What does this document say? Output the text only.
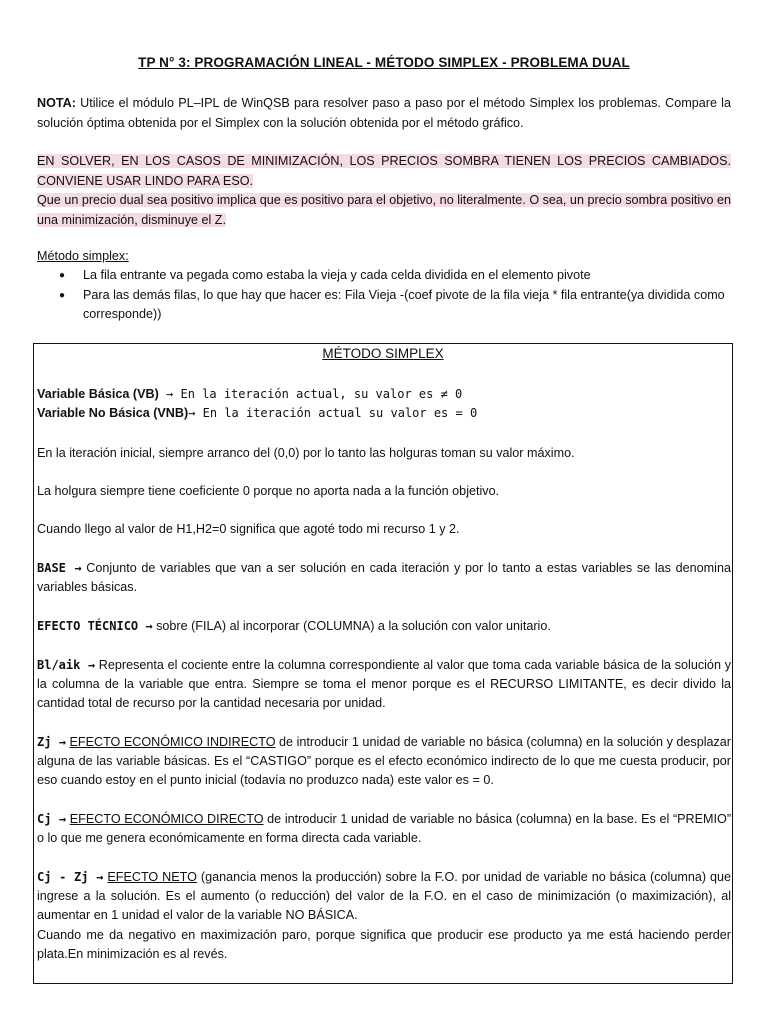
TP N° 3: PROGRAMACIÓN LINEAL - MÉTODO SIMPLEX - PROBLEMA DUAL
NOTA: Utilice el módulo PL–IPL de WinQSB para resolver paso a paso por el método Simplex los problemas. Compare la solución óptima obtenida por el Simplex con la solución obtenida por el método gráfico.
EN SOLVER, EN LOS CASOS DE MINIMIZACIÓN, LOS PRECIOS SOMBRA TIENEN LOS PRECIOS CAMBIADOS. CONVIENE USAR LINDO PARA ESO.
Que un precio dual sea positivo implica que es positivo para el objetivo, no literalmente. O sea, un precio sombra positivo en una minimización, disminuye el Z.
Método simplex:
● La fila entrante va pegada como estaba la vieja y cada celda dividida en el elemento pivote
● Para las demás filas, lo que hay que hacer es: Fila Vieja -(coef pivote de la fila vieja * fila entrante(ya dividida como corresponde))
MÉTODO SIMPLEX
Variable Básica (VB) → En la iteración actual, su valor es ≠ 0
Variable No Básica (VNB)→ En la iteración actual su valor es = 0
En la iteración inicial, siempre arranco del (0,0) por lo tanto las holguras toman su valor máximo.
La holgura siempre tiene coeficiente 0 porque no aporta nada a la función objetivo.
Cuando llego al valor de H1,H2=0 significa que agoté todo mi recurso 1 y 2.
BASE → Conjunto de variables que van a ser solución en cada iteración y por lo tanto a estas variables se las denomina variables básicas.
EFECTO TÉCNICO → sobre (FILA) al incorporar (COLUMNA) a la solución con valor unitario.
Bl/aik → Representa el cociente entre la columna correspondiente al valor que toma cada variable básica de la solución y la columna de la variable que entra. Siempre se toma el menor porque es el RECURSO LIMITANTE, es decir divido la cantidad total de recurso por la cantidad necesaria por unidad.
Zj → EFECTO ECONÓMICO INDIRECTO de introducir 1 unidad de variable no básica (columna) en la solución y desplazar alguna de las variable básicas. Es el “CASTIGO” porque es el efecto económico indirecto de lo que me cuesta producir, por eso cuando estoy en el punto inicial (todavía no produzco nada) este valor es = 0.
Cj → EFECTO ECONÓMICO DIRECTO de introducir 1 unidad de variable no básica (columna) en la base. Es el “PREMIO” o lo que me genera económicamente en forma directa cada variable.
Cj - Zj → EFECTO NETO (ganancia menos la producción) sobre la F.O. por unidad de variable no básica (columna) que ingrese a la solución. Es el aumento (o reducción) del valor de la F.O. en el caso de minimización (o maximización), al aumentar en 1 unidad el valor de la variable NO BÁSICA.
Cuando me da negativo en maximización paro, porque significa que producir ese producto ya me está haciendo perder plata.En minimización es al revés.
